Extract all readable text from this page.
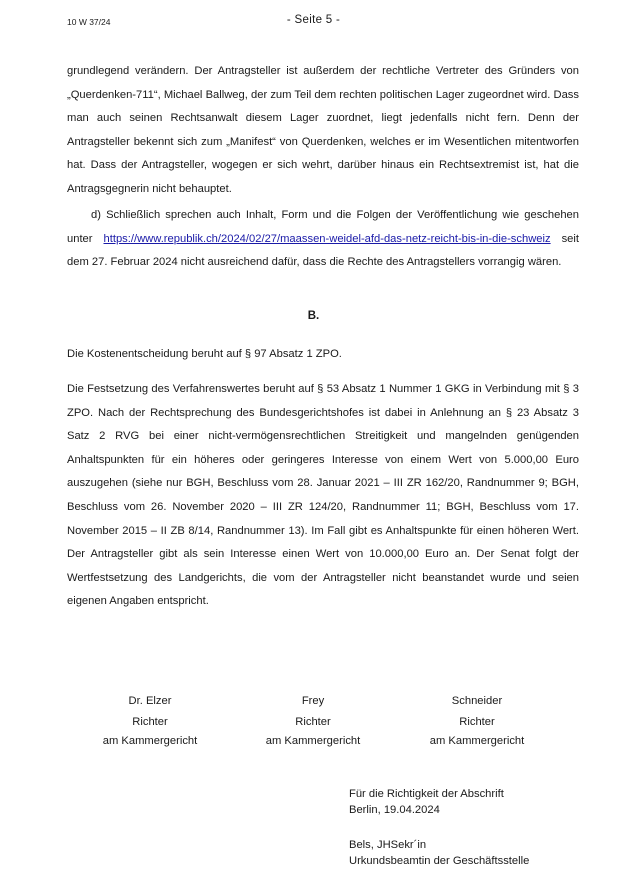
10 W 37/24	- Seite 5 -

grundlegend verändern. Der Antragsteller ist außerdem der rechtliche Vertreter des Gründers von „Querdenken-711“, Michael Ballweg, der zum Teil dem rechten politischen Lager zugeordnet wird. Dass man auch seinen Rechtsanwalt diesem Lager zuordnet, liegt jedenfalls nicht fern. Denn der Antragsteller bekennt sich zum „Manifest“ von Querdenken, welches er im Wesentlichen mitentworfen hat. Dass der Antragsteller, wogegen er sich wehrt, darüber hinaus ein Rechtsextremist ist, hat die Antragsgegnerin nicht behauptet.

d) Schließlich sprechen auch Inhalt, Form und die Folgen der Veröffentlichung wie geschehen unter https://www.republik.ch/2024/02/27/maassen-weidel-afd-das-netz-reicht-bis-in-die-schweiz seit dem 27. Februar 2024 nicht ausreichend dafür, dass die Rechte des Antragstellers vorrangig wären.

B.

Die Kostenentscheidung beruht auf § 97 Absatz 1 ZPO.

Die Festsetzung des Verfahrenswertes beruht auf § 53 Absatz 1 Nummer 1 GKG in Verbindung mit § 3 ZPO. Nach der Rechtsprechung des Bundesgerichtshofes ist dabei in Anlehnung an § 23 Absatz 3 Satz 2 RVG bei einer nicht-vermögensrechtlichen Streitigkeit und mangelnden genügenden Anhaltspunkten für ein höheres oder geringeres Interesse von einem Wert von 5.000,00 Euro auszugehen (siehe nur BGH, Beschluss vom 28. Januar 2021 – III ZR 162/20, Randnummer 9; BGH, Beschluss vom 26. November 2020 – III ZR 124/20, Randnummer 11; BGH, Beschluss vom 17. November 2015 – II ZB 8/14, Randnummer 13). Im Fall gibt es Anhaltspunkte für einen höheren Wert. Der Antragsteller gibt als sein Interesse einen Wert von 10.000,00 Euro an. Der Senat folgt der Wertfestsetzung des Landgerichts, die vom der Antragsteller nicht beanstandet wurde und seien eigenen Angaben entspricht.

Dr. Elzer
Richter
am Kammergericht
Frey
Richter
am Kammergericht
Schneider
Richter
am Kammergericht
Für die Richtigkeit der Abschrift
Berlin, 19.04.2024
Bels, JHSekr´in
Urkundsbeamtin der Geschäftsstelle
